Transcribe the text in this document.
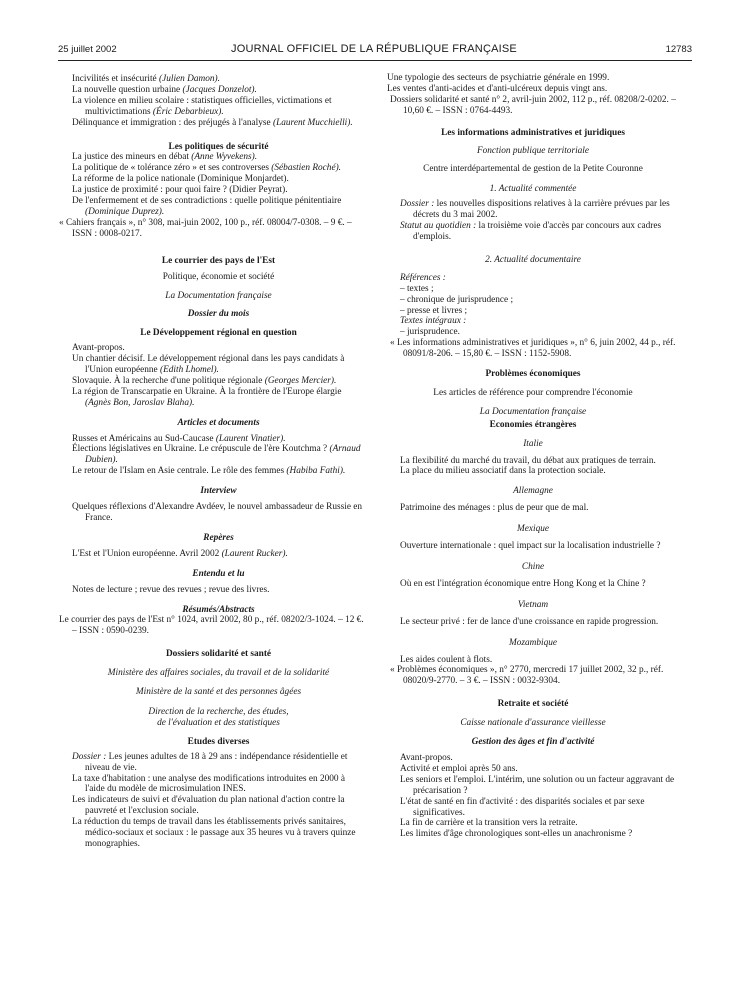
25 juillet 2002	JOURNAL OFFICIEL DE LA RÉPUBLIQUE FRANÇAISE	12783

Incivilités et insécurité (Julien Damon).

La nouvelle question urbaine (Jacques Donzelot).

La violence en milieu scolaire : statistiques officielles, victimations et multivictimations (Éric Debarbieux).

Délinquance et immigration : des préjugés à l'analyse (Laurent Mucchielli).

Les politiques de sécurité

La justice des mineurs en débat (Anne Wyvekens).

La politique de « tolérance zéro » et ses controverses (Sébastien Roché).

La réforme de la police nationale (Dominique Monjardet).

La justice de proximité : pour quoi faire ? (Didier Peyrat).

De l'enfermement et de ses contradictions : quelle politique pénitentiaire (Dominique Duprez).

« Cahiers français », n° 308, mai-juin 2002, 100 p., réf. 08004/7-0308. – 9 €. – ISSN : 0008-0217.

Le courrier des pays de l'Est

Politique, économie et société

La Documentation française

Dossier du mois

Le Développement régional en question

Avant-propos.

Un chantier décisif. Le développement régional dans les pays candidats à l'Union européenne (Edith Lhomel).

Slovaquie. À la recherche d'une politique régionale (Georges Mercier).

La région de Transcarpatie en Ukraine. À la frontière de l'Europe élargie (Agnès Bon, Jaroslav Blaha).

Articles et documents

Russes et Américains au Sud-Caucase (Laurent Vinatier).

Élections législatives en Ukraine. Le crépuscule de l'ère Koutchma ? (Arnaud Dubien).

Le retour de l'Islam en Asie centrale. Le rôle des femmes (Habiba Fathi).

Interview

Quelques réflexions d'Alexandre Avdéev, le nouvel ambassadeur de Russie en France.

Repères

L'Est et l'Union européenne. Avril 2002 (Laurent Rucker).

Entendu et lu

Notes de lecture ; revue des revues ; revue des livres.

Résumés/Abstracts

Le courrier des pays de l'Est n° 1024, avril 2002, 80 p., réf. 08202/3-1024. – 12 €. – ISSN : 0590-0239.

Dossiers solidarité et santé

Ministère des affaires sociales, du travail et de la solidarité

Ministère de la santé et des personnes âgées

Direction de la recherche, des études,

de l'évaluation et des statistiques

Etudes diverses

Dossier : Les jeunes adultes de 18 à 29 ans : indépendance résidentielle et niveau de vie.

La taxe d'habitation : une analyse des modifications introduites en 2000 à l'aide du modèle de microsimulation INES.

Les indicateurs de suivi et d'évaluation du plan national d'action contre la pauvreté et l'exclusion sociale.

La réduction du temps de travail dans les établissements privés sanitaires, médico-sociaux et sociaux : le passage aux 35 heures vu à travers quinze monographies.

Une typologie des secteurs de psychiatrie générale en 1999.

Les ventes d'anti-acides et d'anti-ulcéreux depuis vingt ans.

Dossiers solidarité et santé n° 2, avril-juin 2002, 112 p., réf. 08208/2-0202. – 10,60 €. – ISSN : 0764-4493.

Les informations administratives et juridiques

Fonction publique territoriale

Centre interdépartemental de gestion de la Petite Couronne

1. Actualité commentée

Dossier : les nouvelles dispositions relatives à la carrière prévues par les décrets du 3 mai 2002.

Statut au quotidien : la troisième voie d'accès par concours aux cadres d'emplois.

2. Actualité documentaire

Références :

– textes ;

– chronique de jurisprudence ;

– presse et livres ;

Textes intégraux :

– jurisprudence.

« Les informations administratives et juridiques », n° 6, juin 2002, 44 p., réf. 08091/8-206. – 15,80 €. – ISSN : 1152-5908.

Problèmes économiques

Les articles de référence pour comprendre l'économie

La Documentation française

Economies étrangères

Italie

La flexibilité du marché du travail, du débat aux pratiques de terrain.

La place du milieu associatif dans la protection sociale.

Allemagne

Patrimoine des ménages : plus de peur que de mal.

Mexique

Ouverture internationale : quel impact sur la localisation industrielle ?

Chine

Où en est l'intégration économique entre Hong Kong et la Chine ?

Vietnam

Le secteur privé : fer de lance d'une croissance en rapide progression.

Mozambique

Les aides coulent à flots.

« Problèmes économiques », n° 2770, mercredi 17 juillet 2002, 32 p., réf. 08020/9-2770. – 3 €. – ISSN : 0032-9304.

Retraite et société

Caisse nationale d'assurance vieillesse

Gestion des âges et fin d'activité

Avant-propos.

Activité et emploi après 50 ans.

Les seniors et l'emploi. L'intérim, une solution ou un facteur aggravant de précarisation ?

L'état de santé en fin d'activité : des disparités sociales et par sexe significatives.

La fin de carrière et la transition vers la retraite.

Les limites d'âge chronologiques sont-elles un anachronisme ?
